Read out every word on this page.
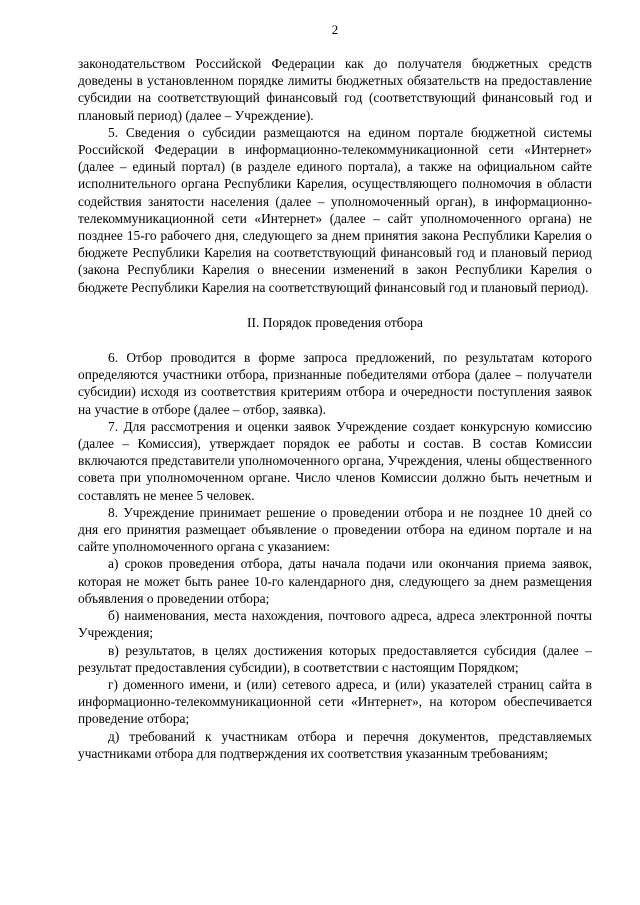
2

законодательством Российской Федерации как до получателя бюджетных средств доведены в установленном порядке лимиты бюджетных обязательств на предоставление субсидии на соответствующий финансовый год (соответствующий финансовый год и плановый период) (далее – Учреждение).

5. Сведения о субсидии размещаются на едином портале бюджетной системы Российской Федерации в информационно-телекоммуникационной сети «Интернет» (далее – единый портал) (в разделе единого портала), а также на официальном сайте исполнительного органа Республики Карелия, осуществляющего полномочия в области содействия занятости населения (далее – уполномоченный орган), в информационно-телекоммуникационной сети «Интернет» (далее – сайт уполномоченного органа) не позднее 15-го рабочего дня, следующего за днем принятия закона Республики Карелия о бюджете Республики Карелия на соответствующий финансовый год и плановый период (закона Республики Карелия о внесении изменений в закон Республики Карелия о бюджете Республики Карелия на соответствующий финансовый год и плановый период).

II. Порядок проведения отбора

6. Отбор проводится в форме запроса предложений, по результатам которого определяются участники отбора, признанные победителями отбора (далее – получатели субсидии) исходя из соответствия критериям отбора и очередности поступления заявок на участие в отборе (далее – отбор, заявка).

7. Для рассмотрения и оценки заявок Учреждение создает конкурсную комиссию (далее – Комиссия), утверждает порядок ее работы и состав. В состав Комиссии включаются представители уполномоченного органа, Учреждения, члены общественного совета при уполномоченном органе. Число членов Комиссии должно быть нечетным и составлять не менее 5 человек.

8. Учреждение принимает решение о проведении отбора и не позднее 10 дней со дня его принятия размещает объявление о проведении отбора на едином портале и на сайте уполномоченного органа с указанием:

а) сроков проведения отбора, даты начала подачи или окончания приема заявок, которая не может быть ранее 10-го календарного дня, следующего за днем размещения объявления о проведении отбора;

б) наименования, места нахождения, почтового адреса, адреса электронной почты Учреждения;

в) результатов, в целях достижения которых предоставляется субсидия (далее – результат предоставления субсидии), в соответствии с настоящим Порядком;

г) доменного имени, и (или) сетевого адреса, и (или) указателей страниц сайта в информационно-телекоммуникационной сети «Интернет», на котором обеспечивается проведение отбора;

д) требований к участникам отбора и перечня документов, представляемых участниками отбора для подтверждения их соответствия указанным требованиям;
